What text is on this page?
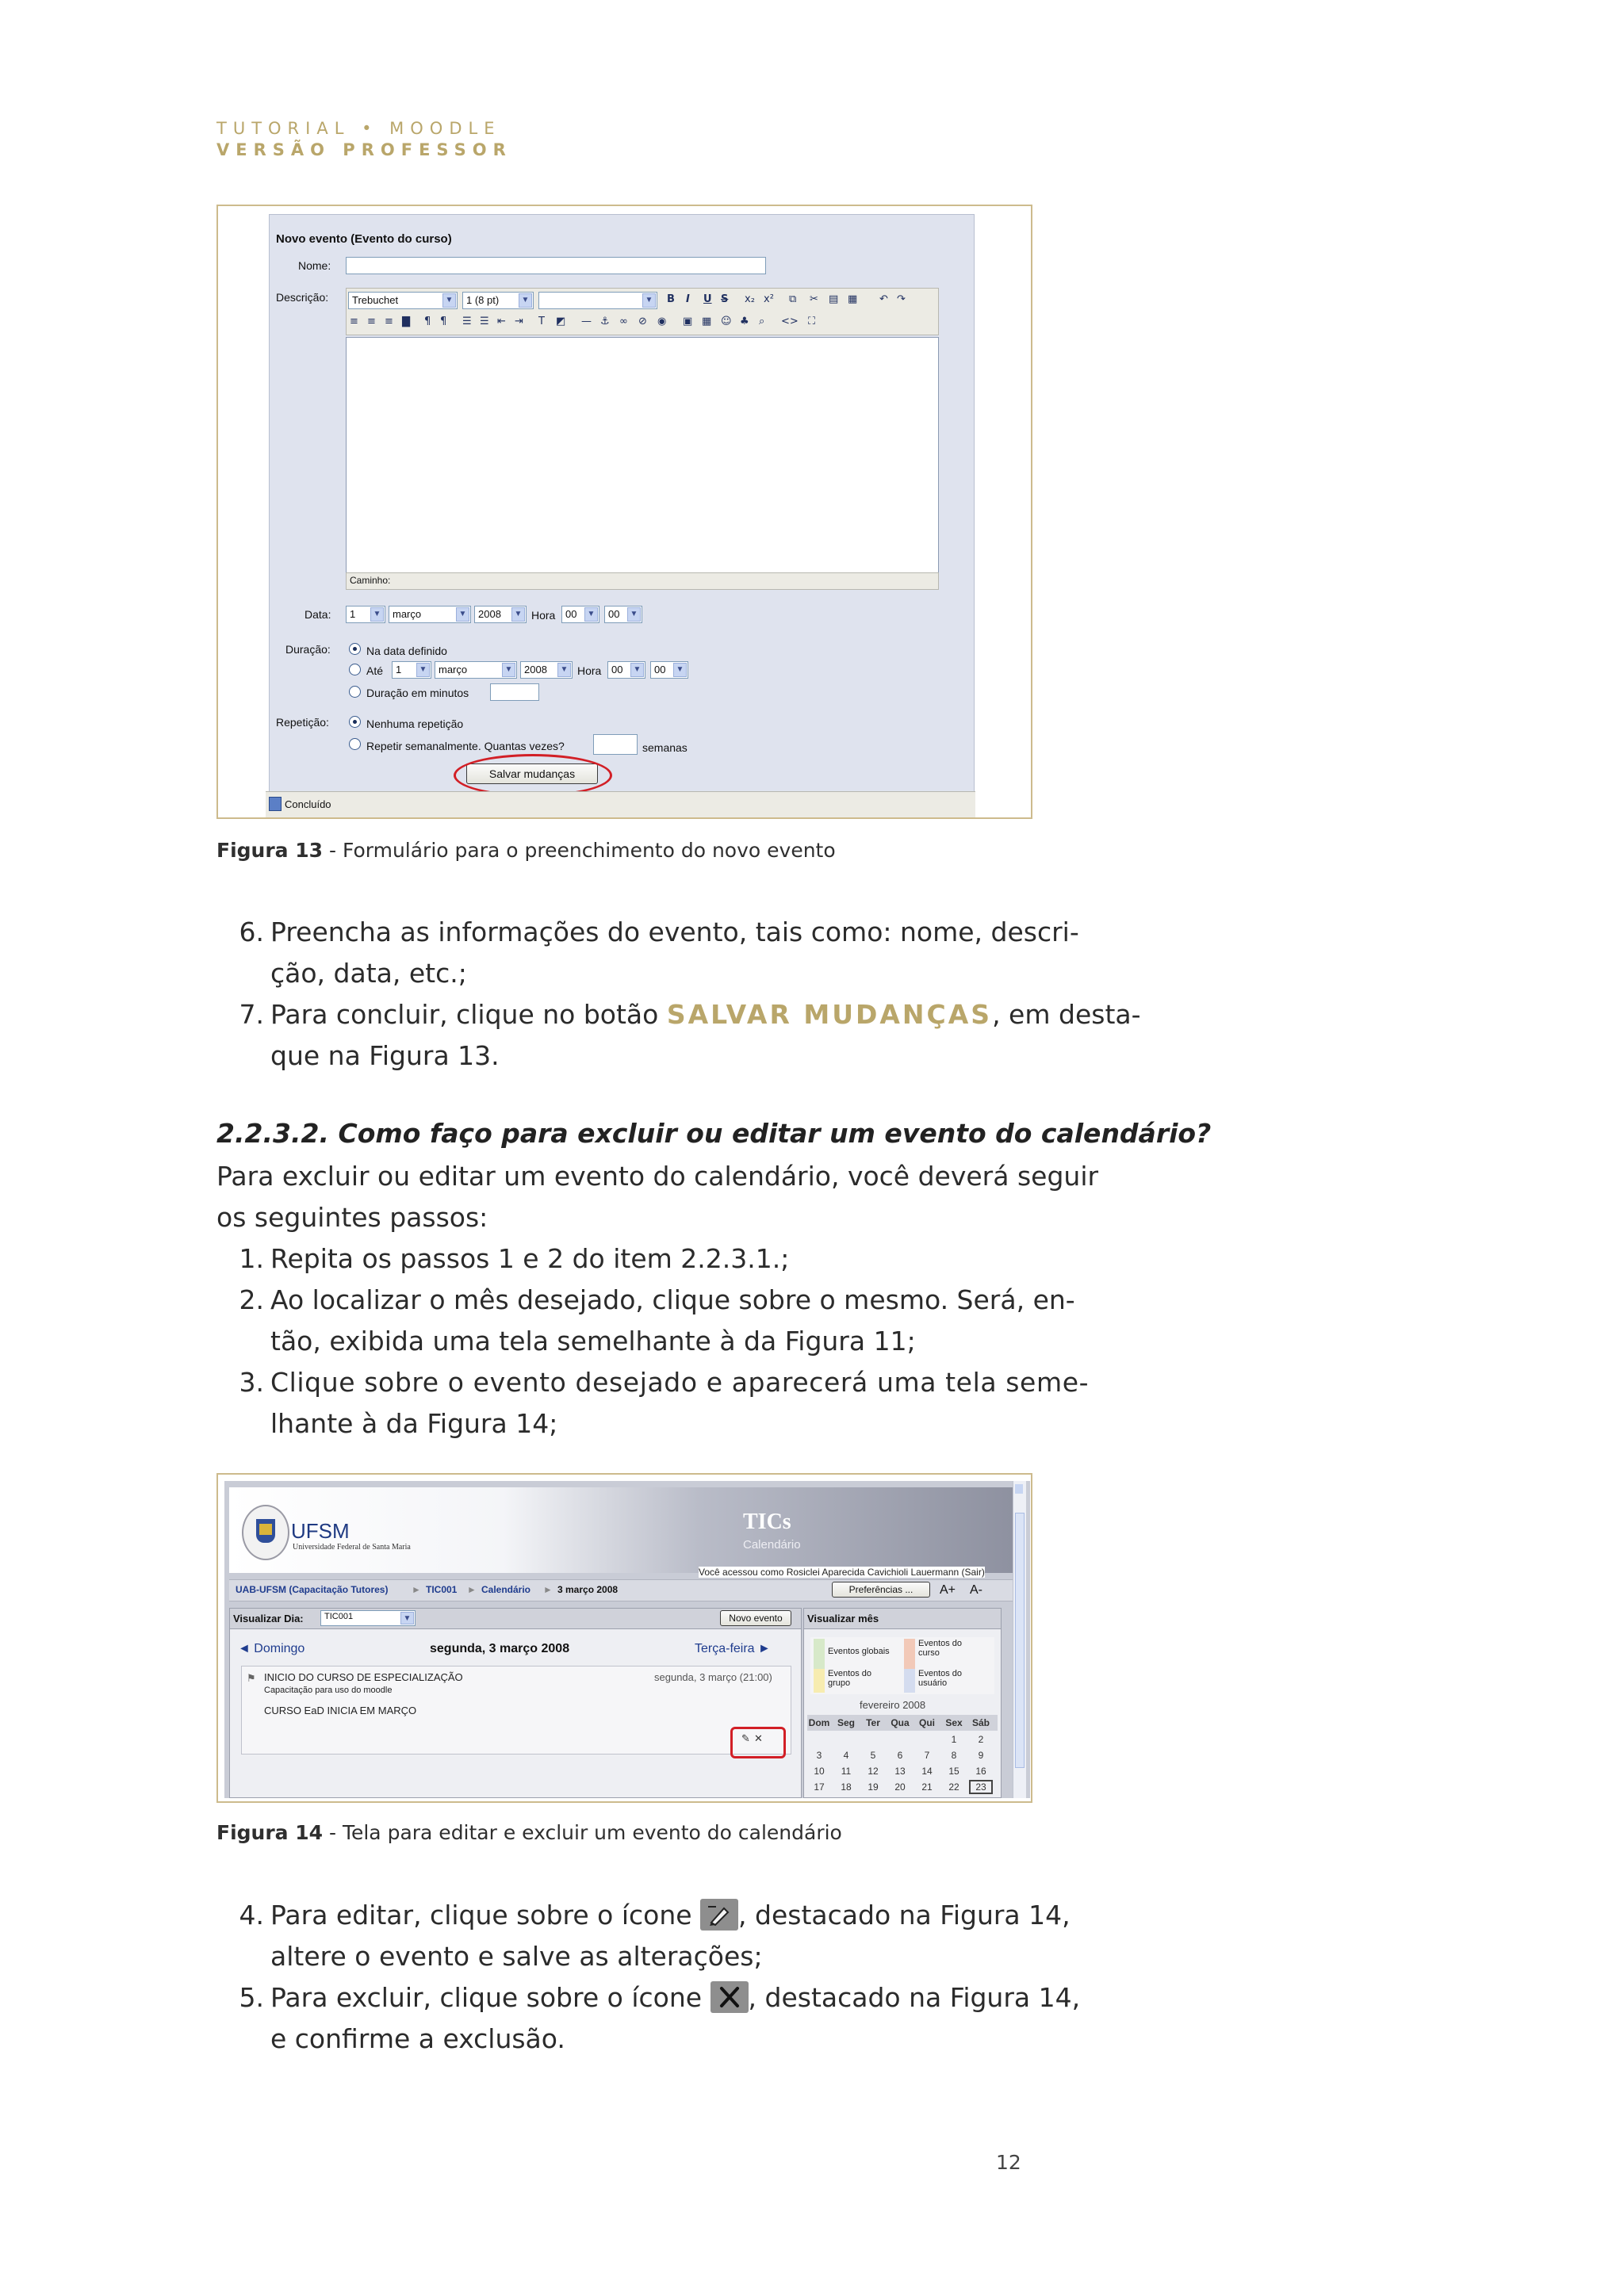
TUTORIAL • MOODLE
VERSÃO PROFESSOR
Novo evento (Evento do curso)
Nome:
Descrição:	Trebuchet	▼	1 (8 pt)	▼	▼ B I U S x₂ x² ⧉ ✂ ▤ ▦ ↶ ↷
≡ ≡ ≡ ▇ ¶ ¶ ☰ ☰ ⇤ ⇥ T ◩ — ⚓ ∞ ⊘ ◉ ▣ ▦ ☺ ♣ ⌕ <> ⛶
Caminho:
Data:	1	▼	março	▼	2008	▼ Hora 00	▼	00	▼
Duração:	Na data definido
Até	1	▼	março	▼	2008	▼ Hora 00	▼	00	▼
Duração em minutos
Repetição:	Nenhuma repetição
Repetir semanalmente. Quantas vezes?	semanas
Salvar mudanças
Concluído
Figura 13 - Formulário para o preenchimento do novo evento
6. Preencha as informações do evento, tais como: nome, descri-
ção, data, etc.;
7. Para concluir, clique no botão SALVAR MUDANÇAS, em desta-
que na Figura 13.
2.2.3.2. Como faço para excluir ou editar um evento do calendário?
Para excluir ou editar um evento do calendário, você deverá seguir
os seguintes passos:
1. Repita os passos 1 e 2 do item 2.2.3.1.;
2. Ao localizar o mês desejado, clique sobre o mesmo. Será, en-
tão, exibida uma tela semelhante à da Figura 11;
3. Clique sobre o evento desejado e aparecerá uma tela seme-
lhante à da Figura 14;
UFSM
Universidade Federal de Santa Maria
TICs
Calendário
Você acessou como Rosiclei Aparecida Cavichioli Lauermann (Sair)
UAB-UFSM (Capacitação Tutores) ► TIC001 ► Calendário ► 3 março 2008	Preferências ...	A+ A-
Visualizar Dia:	TIC001	▼	Novo evento
◄ Domingo	segunda, 3 março 2008	Terça-feira ►
⚑ INICIO DO CURSO DE ESPECIALIZAÇÃO
Capacitação para uso do moodle
segunda, 3 março (21:00)
CURSO EaD INICIA EM MARÇO
✎ ✕
Visualizar mês
Eventos globais
Eventos do curso
Eventos do grupo
Eventos do usuário
fevereiro 2008
Dom Seg	Ter	Qua	Qui	Sex	Sáb
1	2
3	4	5	6	7	8	9
10	11	12	13	14	15	16
17	18	19	20	21	22	23
Figura 14 - Tela para editar e excluir um evento do calendário
4. Para editar, clique sobre o ícone , destacado na Figura 14,
altere o evento e salve as alterações;
5. Para excluir, clique sobre o ícone , destacado na Figura 14,
e confirme a exclusão.
12
